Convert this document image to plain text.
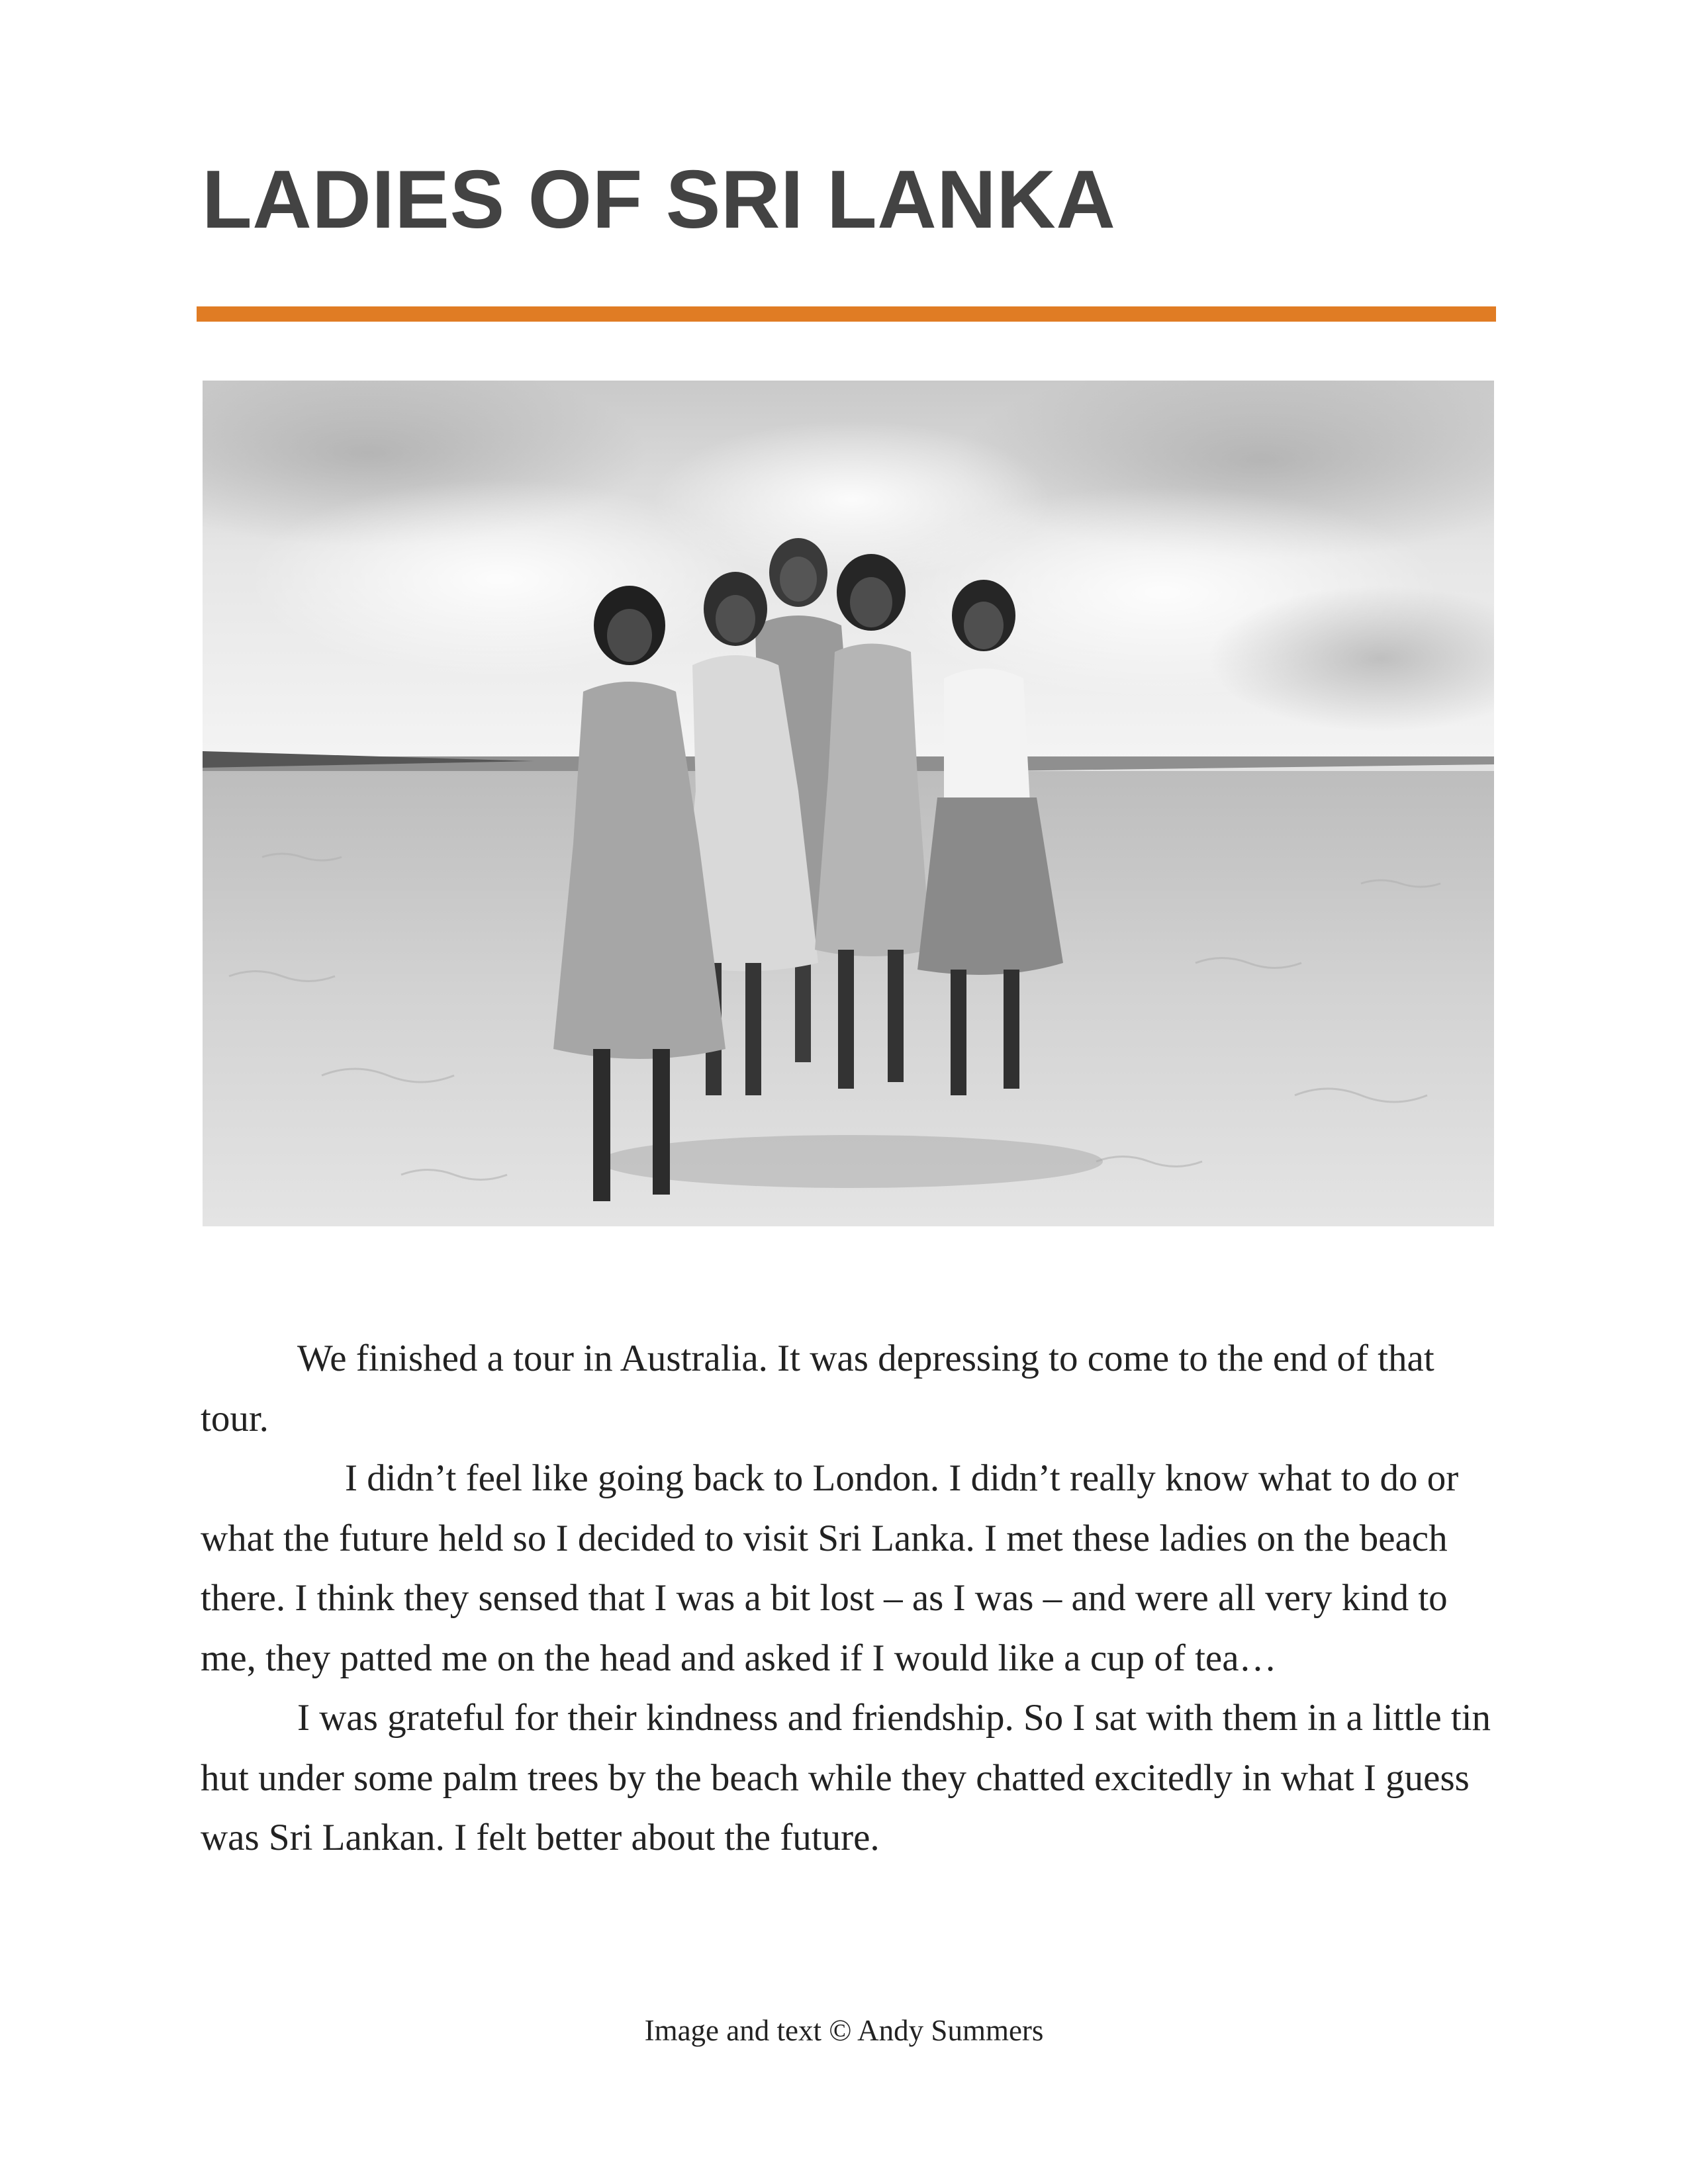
LADIES OF SRI LANKA

We finished a tour in Australia. It was depressing to come to the end of that tour.

I didn’t feel like going back to London. I didn’t really know what to do or what the future held so I decided to visit Sri Lanka. I met these ladies on the beach there. I think they sensed that I was a bit lost – as I was – and were all very kind to me, they patted me on the head and asked if I would like a cup of tea…

I was grateful for their kindness and friendship. So I sat with them in a little tin hut under some palm trees by the beach while they chatted excitedly in what I guess was Sri Lankan. I felt better about the future.

Image and text © Andy Summers
